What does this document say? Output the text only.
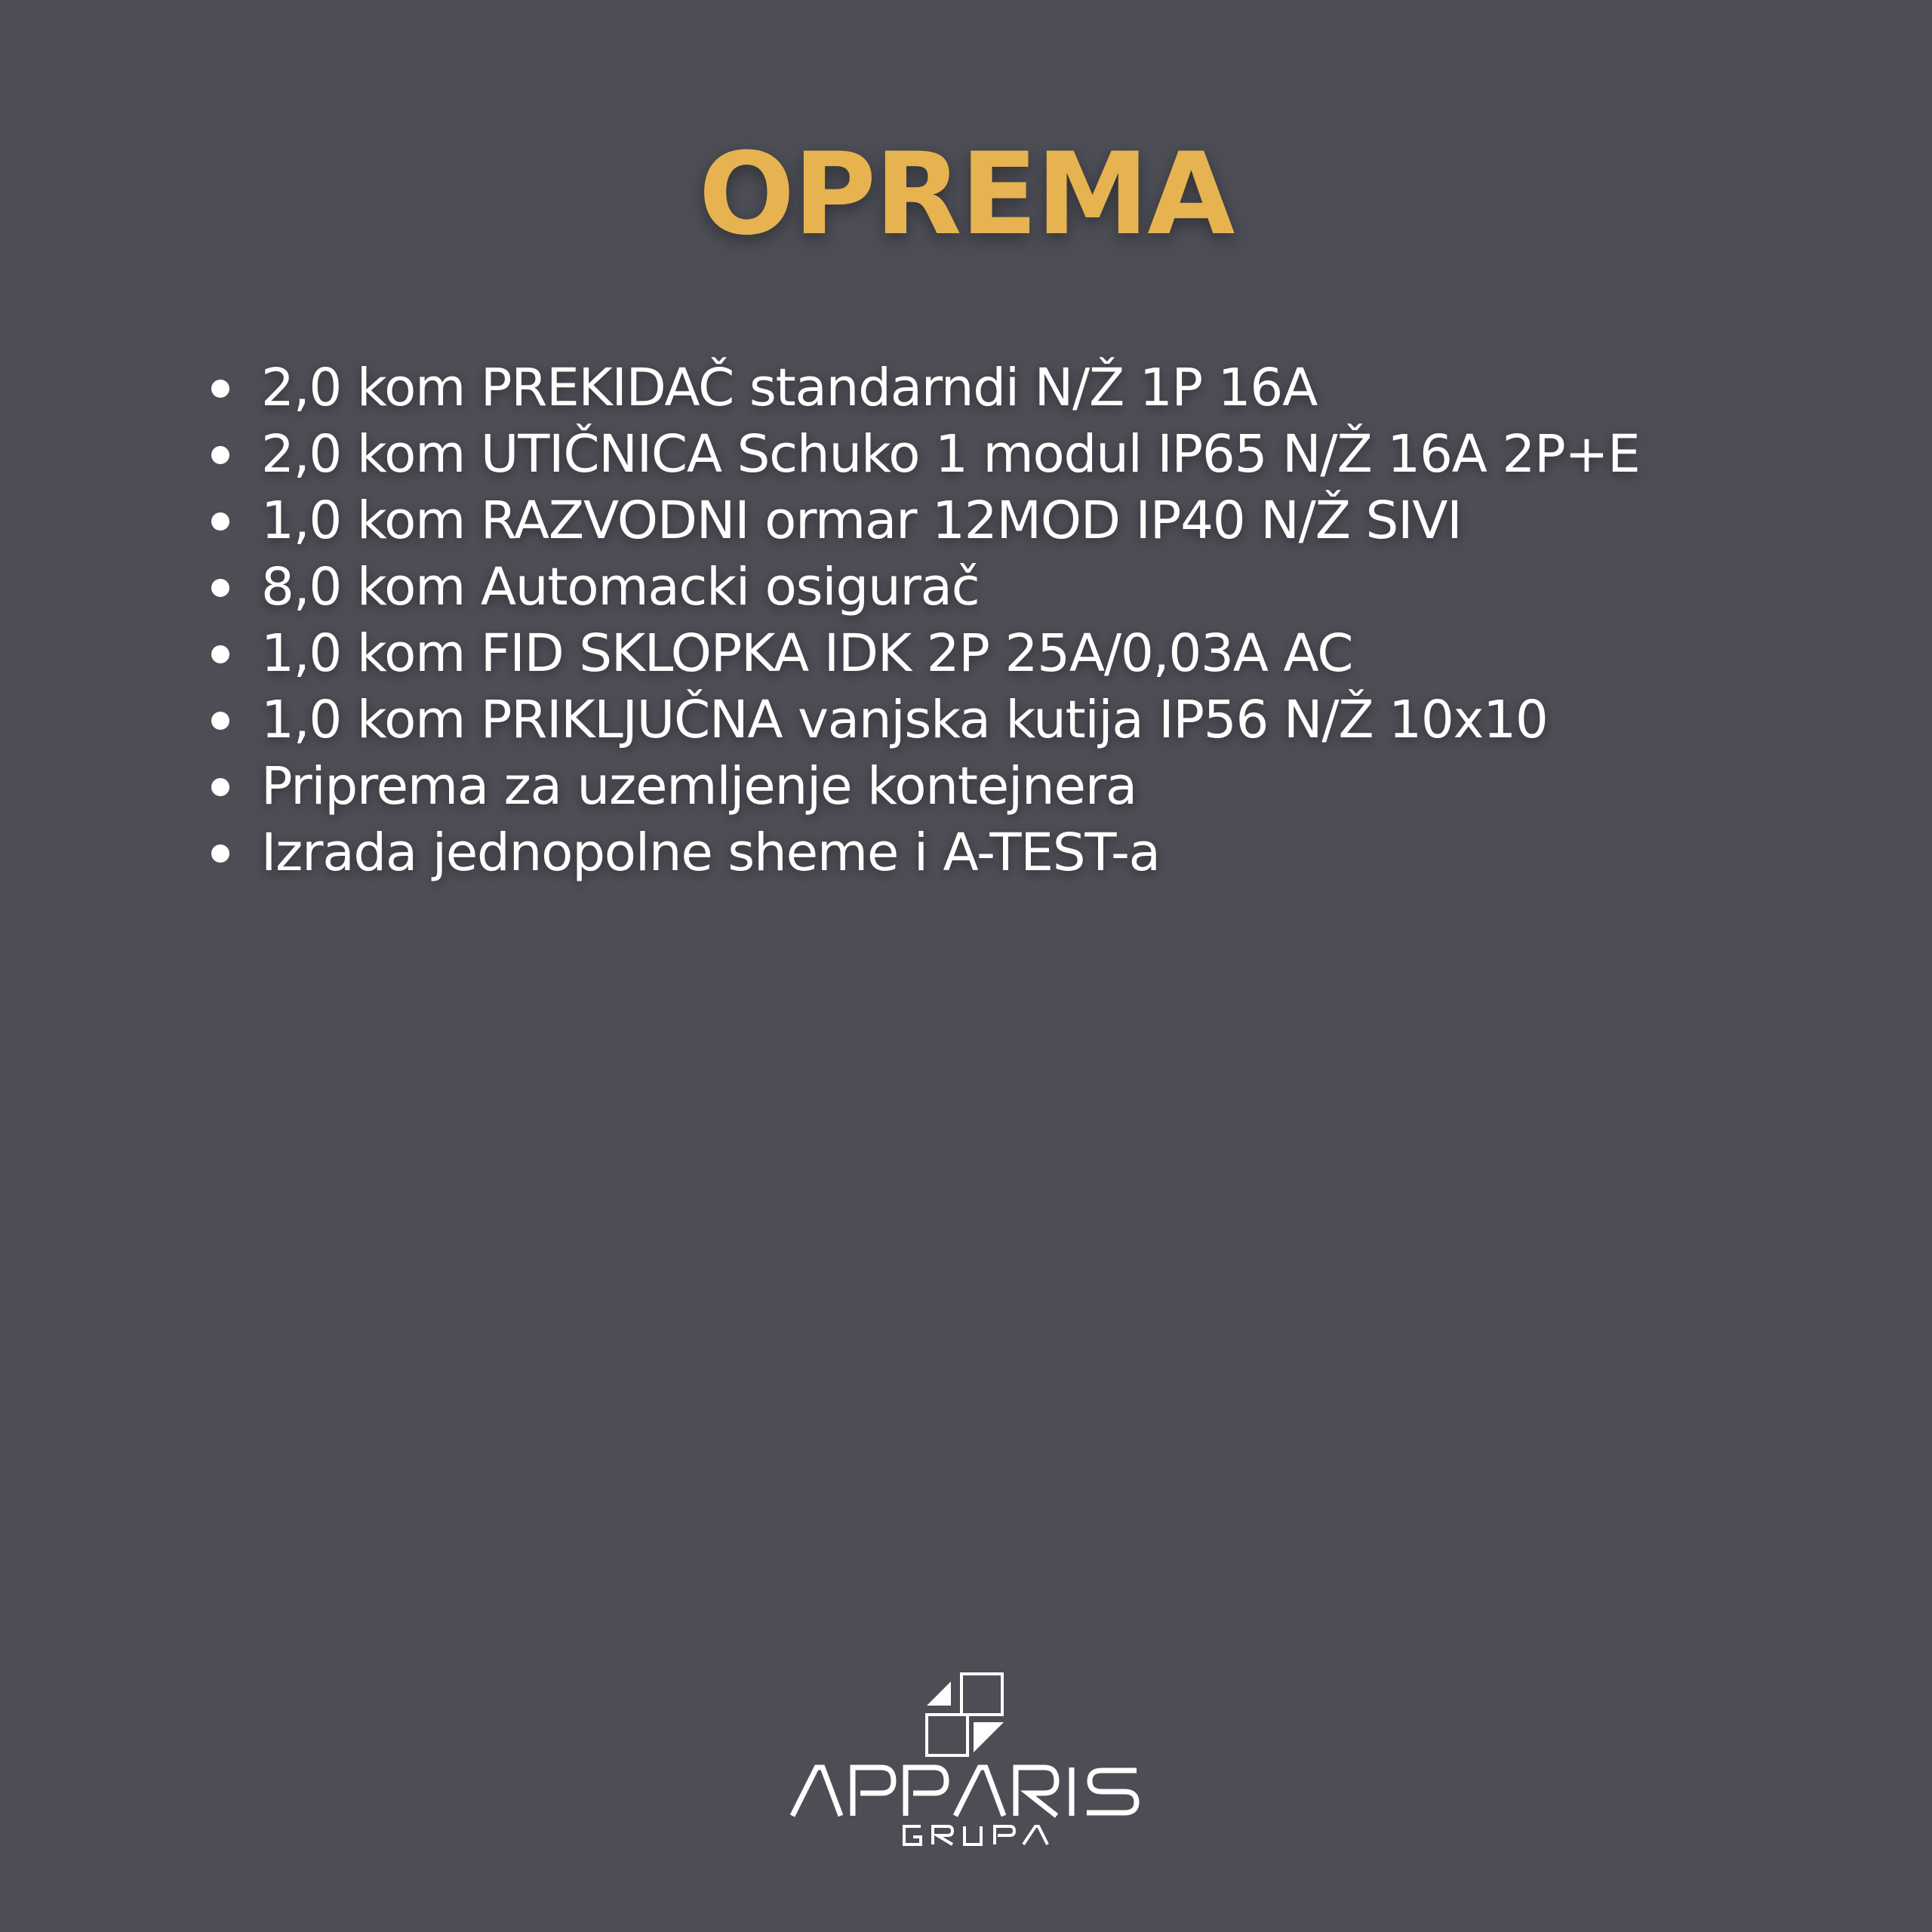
OPREMA
2,0 kom PREKIDAČ standarndi N/Ž 1P 16A
2,0 kom UTIČNICA Schuko 1 modul IP65 N/Ž 16A 2P+E
1,0 kom RAZVODNI ormar 12MOD IP40 N/Ž SIVI
8,0 kom Automacki osigurač
1,0 kom FID SKLOPKA IDK 2P 25A/0,03A AC
1,0 kom PRIKLJUČNA vanjska kutija IP56 N/Ž 10x10
Priprema za uzemljenje kontejnera
Izrada jednopolne sheme i A-TEST-a
